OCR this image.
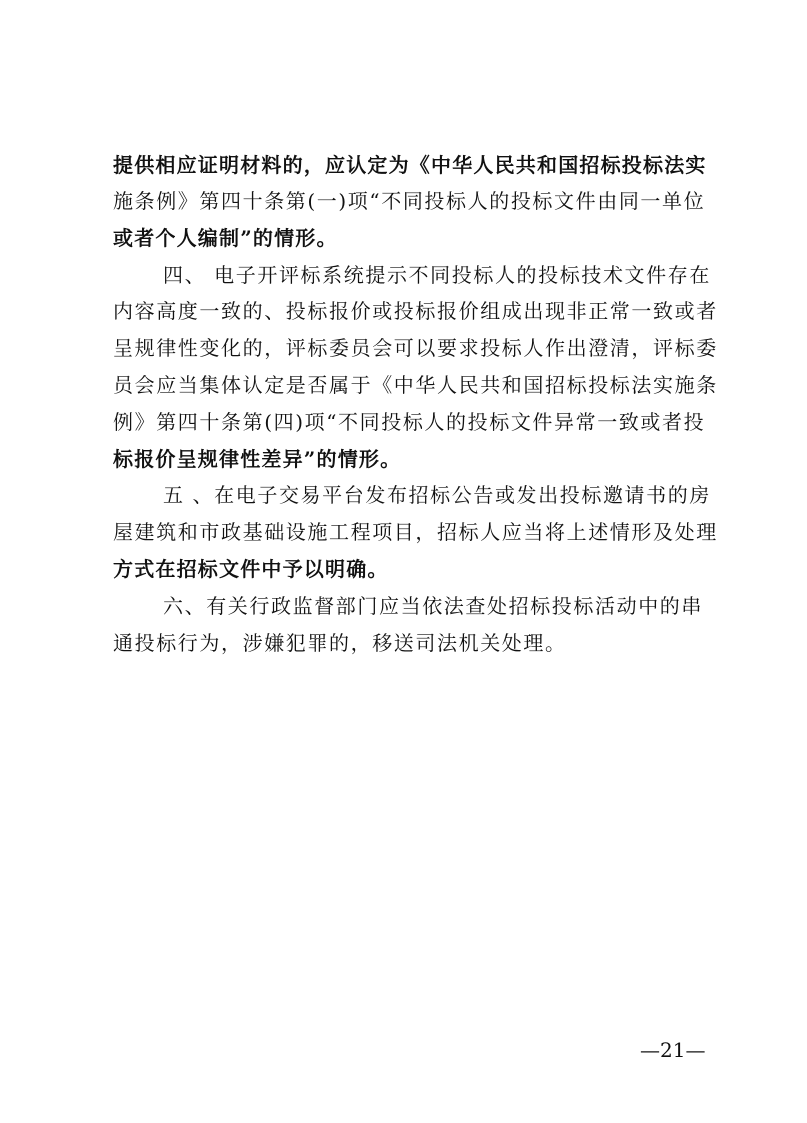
提供相应证明材料的，应认定为《中华人民共和国招标投标法实
施条例》第四十条第(一)项“不同投标人的投标文件由同一单位
或者个人编制”的情形。
四、 电子开评标系统提示不同投标人的投标技术文件存在
内容高度一致的、投标报价或投标报价组成出现非正常一致或者
呈规律性变化的，评标委员会可以要求投标人作出澄清，评标委
员会应当集体认定是否属于《中华人民共和国招标投标法实施条
例》第四十条第(四)项“不同投标人的投标文件异常一致或者投
标报价呈规律性差异”的情形。
五 、在电子交易平台发布招标公告或发出投标邀请书的房
屋建筑和市政基础设施工程项目，招标人应当将上述情形及处理
方式在招标文件中予以明确。
六、有关行政监督部门应当依法查处招标投标活动中的串
通投标行为，涉嫌犯罪的，移送司法机关处理。
—21—
